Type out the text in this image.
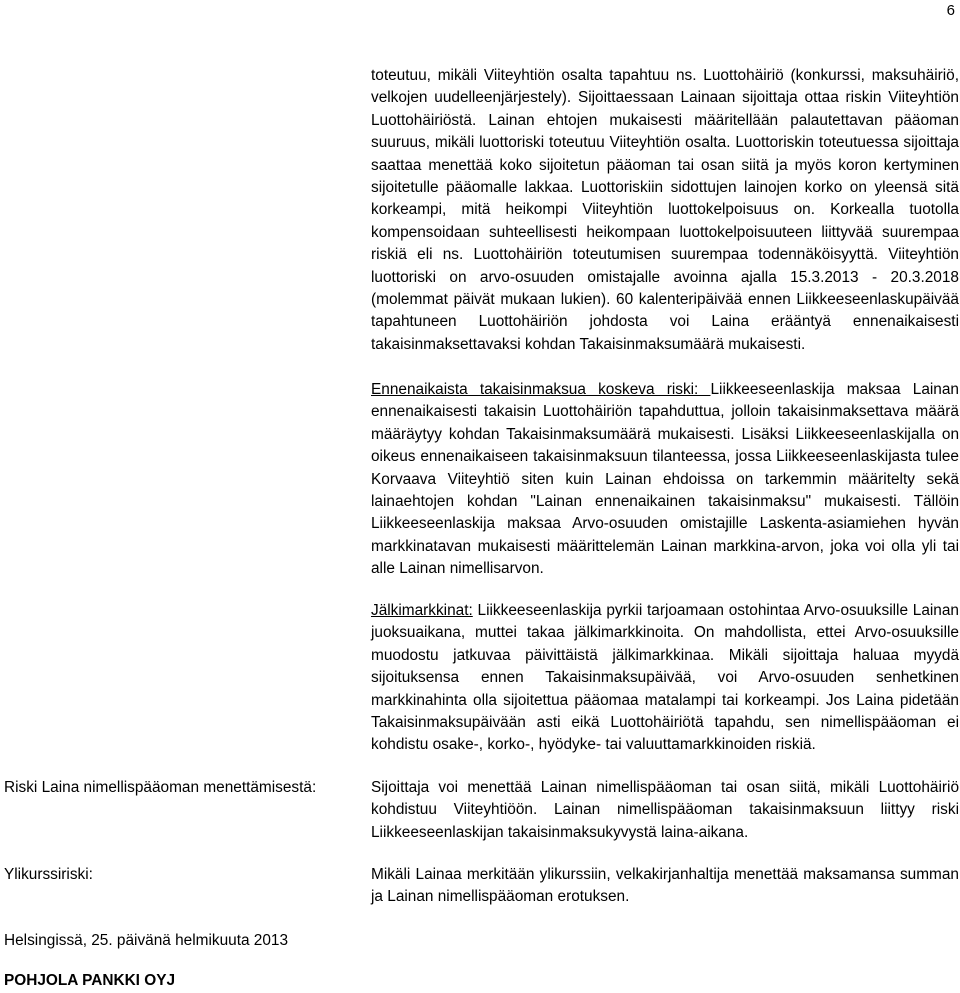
6
toteutuu, mikäli Viiteyhtiön osalta tapahtuu ns. Luottohäiriö (konkurssi, maksuhäiriö, velkojen uudelleenjärjestely). Sijoittaessaan Lainaan sijoittaja ottaa riskin Viiteyhtiön Luottohäiriöstä. Lainan ehtojen mukaisesti määritellään palautettavan pääoman suuruus, mikäli luottoriski toteutuu Viiteyhtiön osalta. Luottoriskin toteutuessa sijoittaja saattaa menettää koko sijoitetun pääoman tai osan siitä ja myös koron kertyminen sijoitetulle pääomalle lakkaa. Luottoriskiin sidottujen lainojen korko on yleensä sitä korkeampi, mitä heikompi Viiteyhtiön luottokelpoisuus on. Korkealla tuotolla kompensoidaan suhteellisesti heikompaan luottokelpoisuuteen liittyvää suurempaa riskiä eli ns. Luottohäiriön toteutumisen suurempaa todennäköisyyttä. Viiteyhtiön luottoriski on arvo-osuuden omistajalle avoinna ajalla 15.3.2013 - 20.3.2018 (molemmat päivät mukaan lukien). 60 kalenteripäivää ennen Liikkeeseenlaskupäivää tapahtuneen Luottohäiriön johdosta voi Laina erääntyä ennenaikaisesti takaisinmaksettavaksi kohdan Takaisinmaksumäärä mukaisesti.
Ennenaikaista takaisinmaksua koskeva riski: Liikkeeseenlaskija maksaa Lainan ennenaikaisesti takaisin Luottohäiriön tapahduttua, jolloin takaisinmaksettava määrä määräytyy kohdan Takaisinmaksumäärä mukaisesti. Lisäksi Liikkeeseenlaskijalla on oikeus ennenaikaiseen takaisinmaksuun tilanteessa, jossa Liikkeeseenlaskijasta tulee Korvaava Viiteyhtiö siten kuin Lainan ehdoissa on tarkemmin määritelty sekä lainaehtojen kohdan "Lainan ennenaikainen takaisinmaksu" mukaisesti. Tällöin Liikkeeseenlaskija maksaa Arvo-osuuden omistajille Laskenta-asiamiehen hyvän markkinatavan mukaisesti määrittelemän Lainan markkina-arvon, joka voi olla yli tai alle Lainan nimellisarvon.
Jälkimarkkinat: Liikkeeseenlaskija pyrkii tarjoamaan ostohintaa Arvo-osuuksille Lainan juoksuaikana, muttei takaa jälkimarkkinoita. On mahdollista, ettei Arvo-osuuksille muodostu jatkuvaa päivittäistä jälkimarkkinaa. Mikäli sijoittaja haluaa myydä sijoituksensa ennen Takaisinmaksupäivää, voi Arvo-osuuden senhetkinen markkinahinta olla sijoitettua pääomaa matalampi tai korkeampi. Jos Laina pidetään Takaisinmaksupäivään asti eikä Luottohäiriötä tapahdu, sen nimellispääoman ei kohdistu osake-, korko-, hyödyke- tai valuuttamarkkinoiden riskiä.
Riski Laina nimellispääoman menettämisestä:	Sijoittaja voi menettää Lainan nimellispääoman tai osan siitä, mikäli Luottohäiriö kohdistuu Viiteyhtiöön. Lainan nimellispääoman takaisinmaksuun liittyy riski Liikkeeseenlaskijan takaisinmaksukyvystä laina-aikana.
Ylikurssiriski:	Mikäli Lainaa merkitään ylikurssiin, velkakirjanhaltija menettää maksamansa summan ja Lainan nimellispääoman erotuksen.
Helsingissä, 25. päivänä helmikuuta 2013
POHJOLA PANKKI OYJ
